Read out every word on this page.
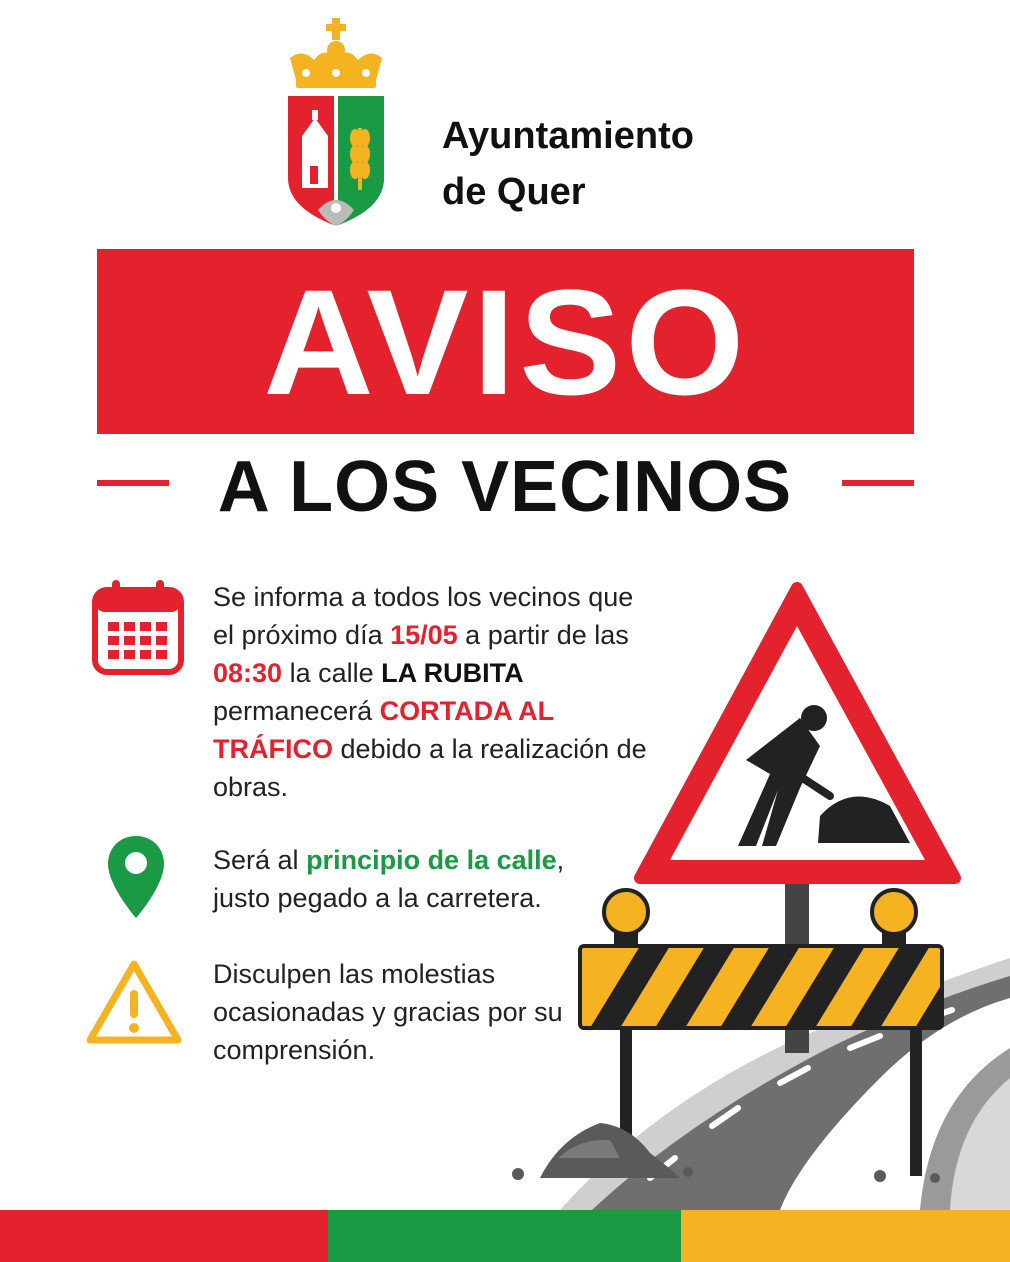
Ayuntamiento
de Quer
AVISO
A LOS VECINOS
Se informa a todos los vecinos que el próximo día 15/05 a partir de las 08:30 la calle LA RUBITA permanecerá CORTADA AL TRÁFICO debido a la realización de obras.
Será al principio de la calle, justo pegado a la carretera.
Disculpen las molestias ocasionadas y gracias por su comprensión.
